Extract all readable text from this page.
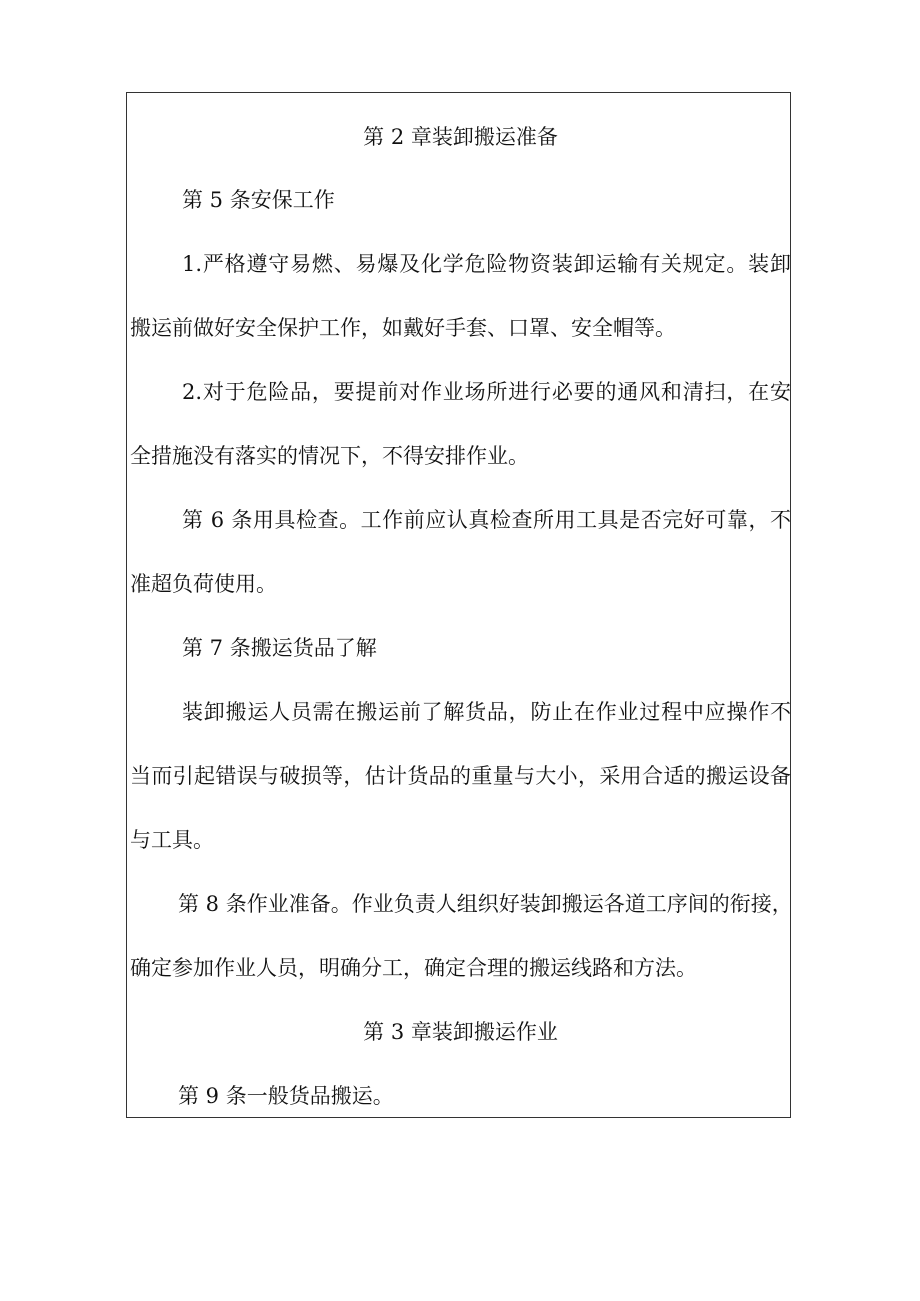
第 2 章装卸搬运准备
第 5 条安保工作
1.严格遵守易燃、易爆及化学危险物资装卸运输有关规定。装卸
搬运前做好安全保护工作，如戴好手套、口罩、安全帽等。
2.对于危险品，要提前对作业场所进行必要的通风和清扫，在安
全措施没有落实的情况下，不得安排作业。
第 6 条用具检查。工作前应认真检查所用工具是否完好可靠，不
准超负荷使用。
第 7 条搬运货品了解
装卸搬运人员需在搬运前了解货品，防止在作业过程中应操作不
当而引起错误与破损等，估计货品的重量与大小，采用合适的搬运设备
与工具。
第 8 条作业准备。作业负责人组织好装卸搬运各道工序间的衔接，
确定参加作业人员，明确分工，确定合理的搬运线路和方法。
第 3 章装卸搬运作业
第 9 条一般货品搬运。
